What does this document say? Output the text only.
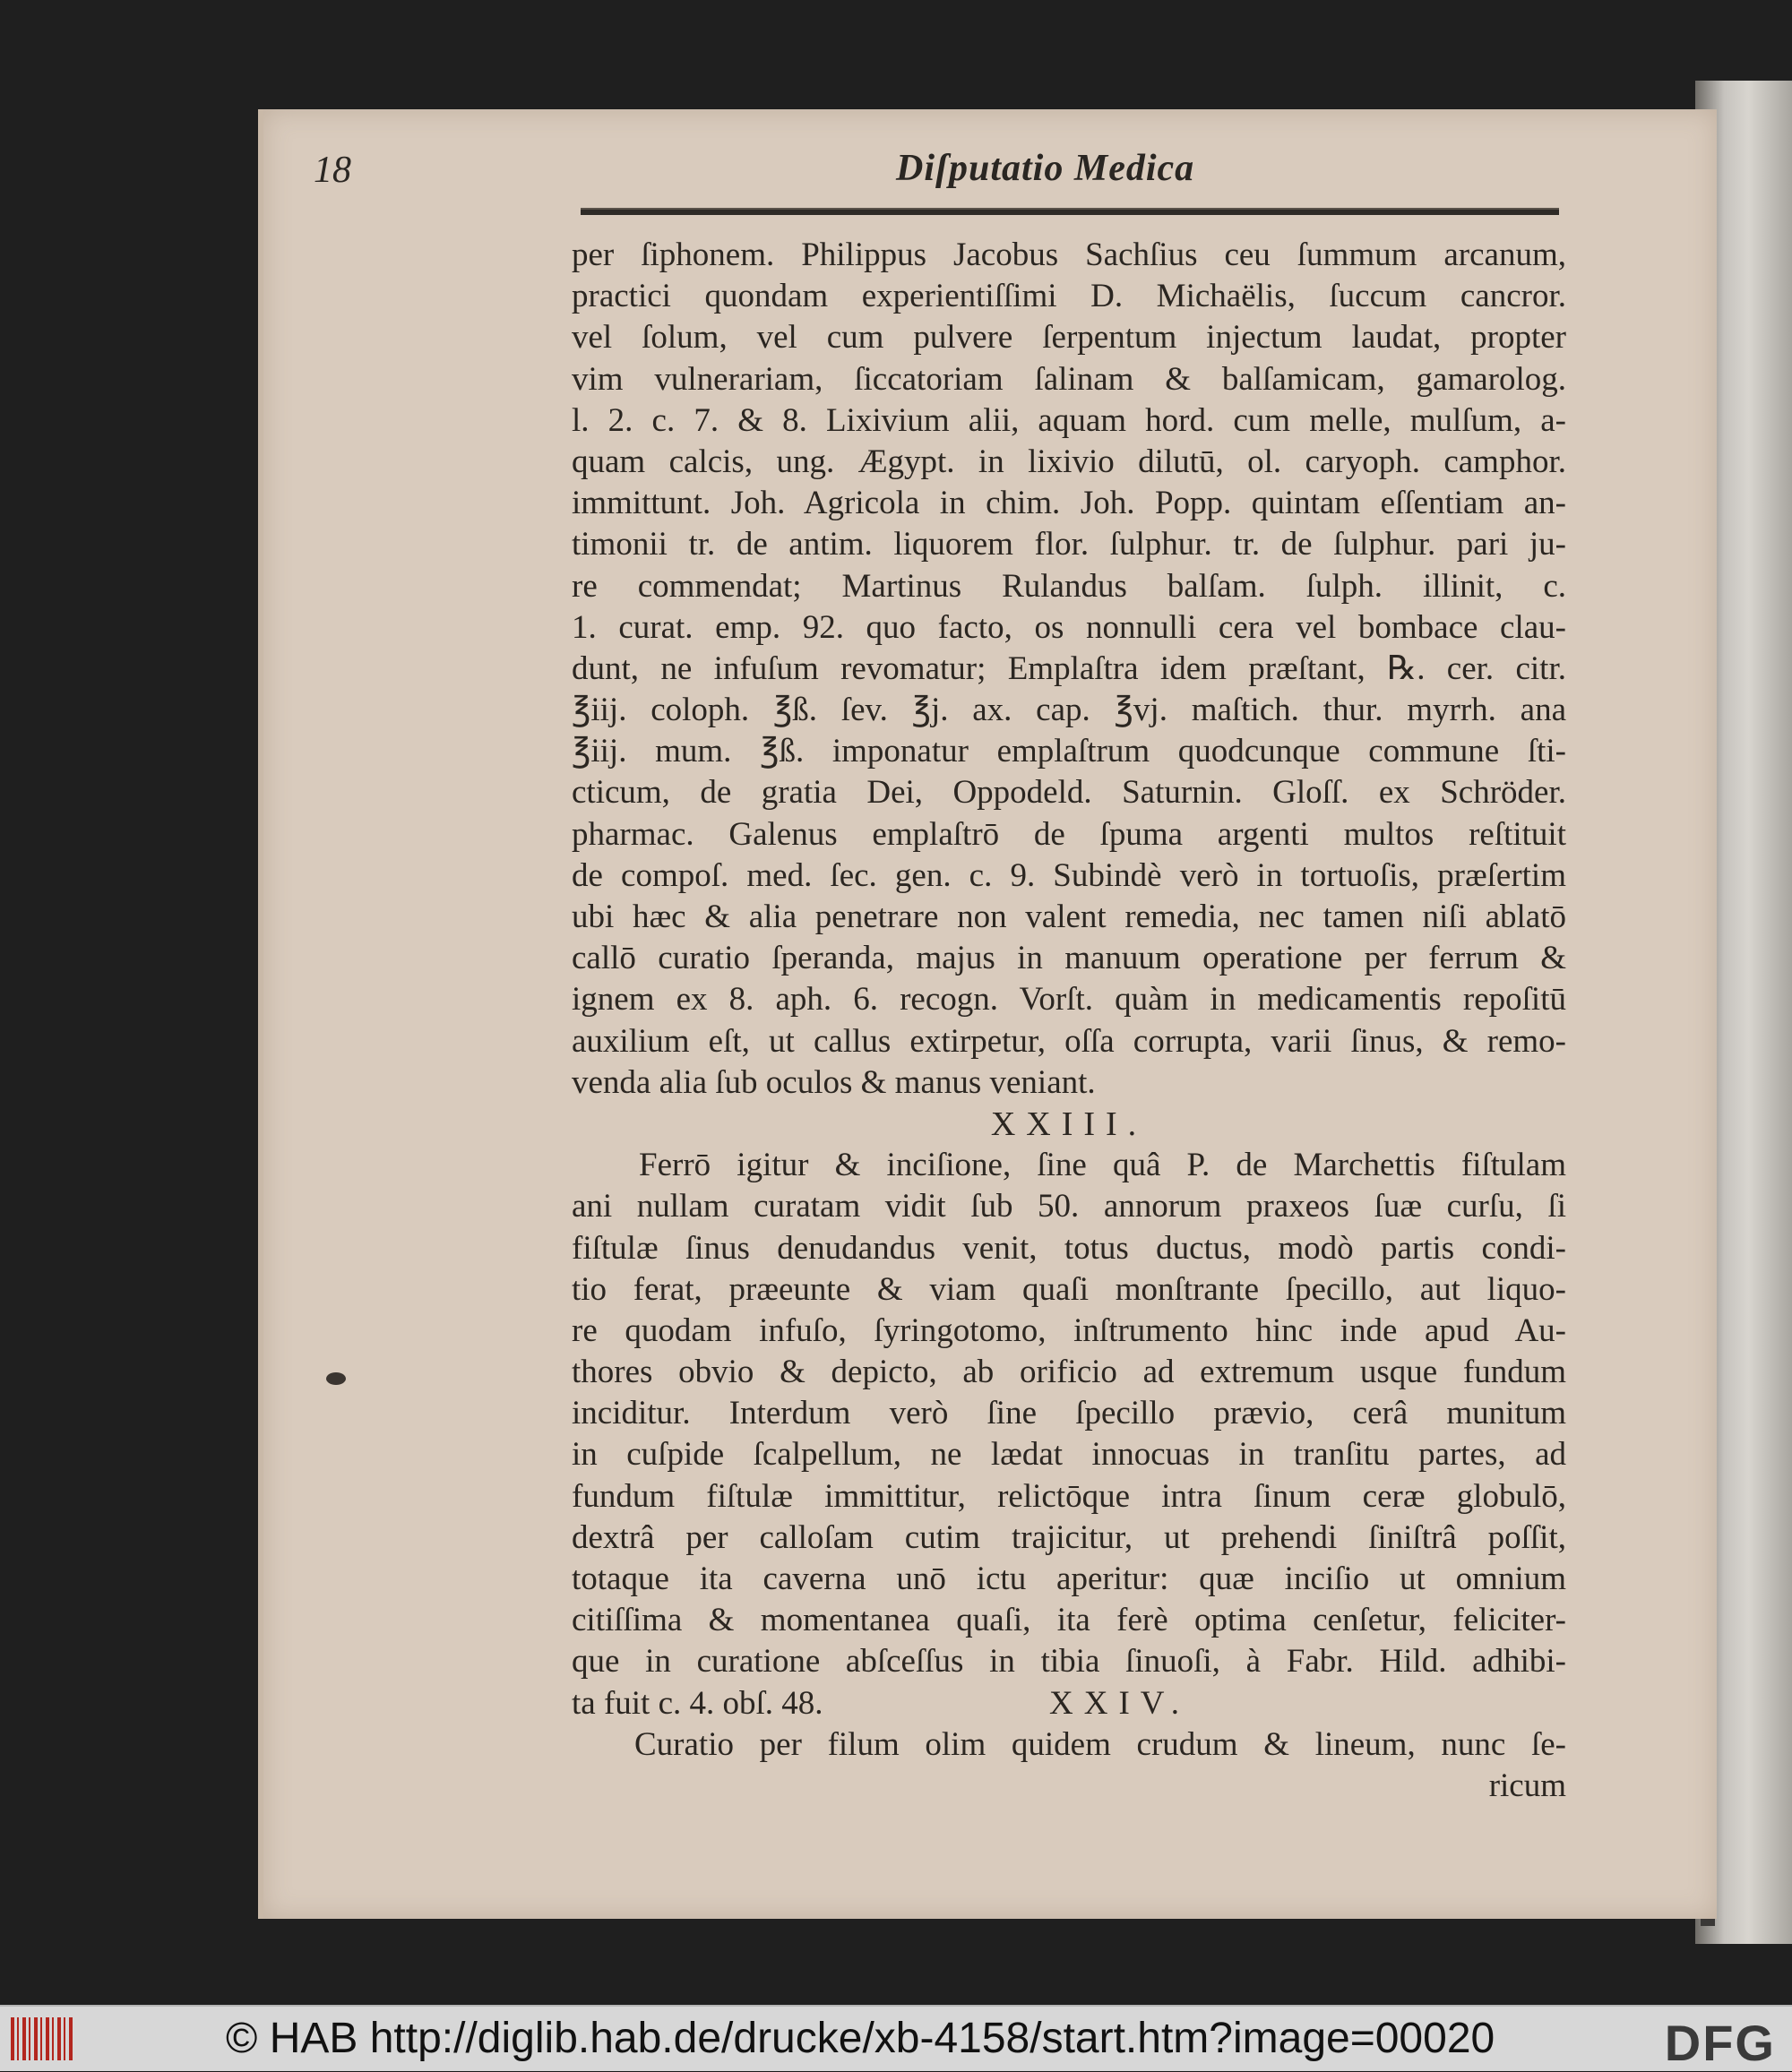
18	Diſputatio Medica
per ſiphonem. Philippus Jacobus Sachſius ceu ſummum arcanum,
practici quondam experientiſſimi D. Michaëlis, ſuccum cancror.
vel ſolum, vel cum pulvere ſerpentum injectum laudat, propter
vim vulnerariam, ſiccatoriam ſalinam & balſamicam, gamarolog.
l. 2. c. 7. & 8. Lixivium alii, aquam hord. cum melle, mulſum, a-
quam calcis, ung. Ægypt. in lixivio dilutū, ol. caryoph. camphor.
immittunt. Joh. Agricola in chim. Joh. Popp. quintam eſſentiam an-
timonii tr. de antim. liquorem flor. ſulphur. tr. de ſulphur. pari ju-
re commendat; Martinus Rulandus balſam. ſulph. illinit, c.
1. curat. emp. 92. quo facto, os nonnulli cera vel bombace clau-
dunt, ne infuſum revomatur; Emplaſtra idem præſtant, ℞. cer. citr.
℥iij. coloph. ℥ß. ſev. ℥j. ax. cap. ℥vj. maſtich. thur. myrrh. ana
℥iij. mum. ℥ß. imponatur emplaſtrum quodcunque commune ſti-
cticum, de gratia Dei, Oppodeld. Saturnin. Gloſſ. ex Schröder.
pharmac. Galenus emplaſtrō de ſpuma argenti multos reſtituit
de compoſ. med. ſec. gen. c. 9. Subindè verò in tortuoſis, præſertim
ubi hæc & alia penetrare non valent remedia, nec tamen niſi ablatō
callō curatio ſperanda, majus in manuum operatione per ferrum &
ignem ex 8. aph. 6. recogn. Vorſt. quàm in medicamentis repoſitū
auxilium eſt, ut callus extirpetur, oſſa corrupta, varii ſinus, & remo-
venda alia ſub oculos & manus veniant.
XXIII.
Ferrō igitur & inciſione, ſine quâ P. de Marchettis fiſtulam
ani nullam curatam vidit ſub 50. annorum praxeos ſuæ curſu, ſi
fiſtulæ ſinus denudandus venit, totus ductus, modò partis condi-
tio ferat, præeunte & viam quaſi monſtrante ſpecillo, aut liquo-
re quodam infuſo, ſyringotomo, inſtrumento hinc inde apud Au-
thores obvio & depicto, ab orificio ad extremum usque fundum
inciditur. Interdum verò ſine ſpecillo prævio, cerâ munitum
in cuſpide ſcalpellum, ne lædat innocuas in tranſitu partes, ad
fundum fiſtulæ immittitur, relictōque intra ſinum ceræ globulō,
dextrâ per calloſam cutim trajicitur, ut prehendi ſiniſtrâ poſſit,
totaque ita caverna unō ictu aperitur: quæ inciſio ut omnium
citiſſima & momentanea quaſi, ita ferè optima cenſetur, feliciter-
que in curatione abſceſſus in tibia ſinuoſi, à Fabr. Hild. adhibi-
ta fuit c. 4. obſ. 48.	XXIV.
Curatio per filum olim quidem crudum & lineum, nunc ſe-
ricum
© HAB http://diglib.hab.de/drucke/xb-4158/start.htm?image=00020	DFG
